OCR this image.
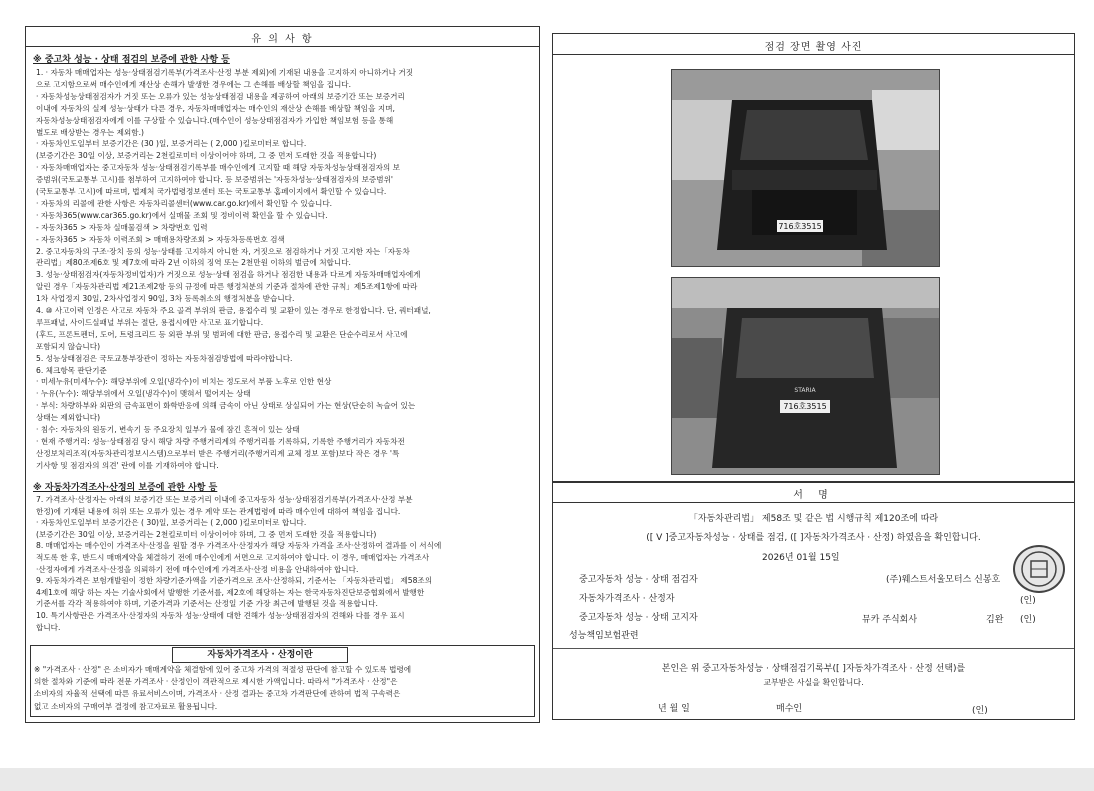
유 의 사 항
※ 중고차 성능 · 상태 점검의 보증에 관한 사항 등
1. · 자동차 매매업자는 성능·상태점검기록부(가격조사·산정 부분 제외)에 기재된 내용을 고지하지 아니하거나 거짓
으로 고지함으로써 매수인에게 재산상 손해가 발생한 경우에는 그 손해를 배상할 책임을 집니다.
· 자동차성능상태점검자가 거짓 또는 오류가 있는 성능상태점검 내용을 제공하여 아래의 보증기간 또는 보증거리
이내에 자동차의 실제 성능·상태가 다른 경우, 자동차매매업자는 매수인의 재산상 손해를 배상할 책임을 지며,
자동차성능상태점검자에게 이를 구상할 수 있습니다.(매수인이 성능상태점검자가 가입한 책임보험 등을 통해
별도로 배상받는 경우는 제외함.)
· 자동차인도일부터 보증기간은 (30 )일, 보증거리는 ( 2,000 )킬로미터로 합니다.
(보증기간은 30일 이상, 보증거리는 2천킬로미터 이상이어야 하며, 그 중 먼저 도래한 것을 적용합니다)
· 자동차매매업자는 중고자동차 성능·상태점검기록부를 매수인에게 고지할 때 해당 자동차성능상태점검자의 보
증범위(국토교통부 고시)를 첨부하여 고지하여야 합니다. 등 보증범위는 '자동차성능·상태점검자의 보증범위'
(국토교통부 고시)에 따르며, 법제처 국가법령정보센터 또는 국토교통부 홈페이지에서 확인할 수 있습니다.
· 자동차의 리콜에 관한 사항은 자동차리콜센터(www.car.go.kr)에서 확인할 수 있습니다.
· 자동차365(www.car365.go.kr)에서 실매물 조회 및 정비이력 확인을 할 수 있습니다.
- 자동차365 > 자동차 실매물검색 > 차량번호 입력
- 자동차365 > 자동차 이력조회 > 매매용차량조회 > 자동차등록번호 검색
2. 중고자동차의 구조·장치 등의 성능·상태를 고지하지 아니한 자, 거짓으로 점검하거나 거짓 고지한 자는「자동차
관리법」제80조제6호 및 제7호에 따라 2년 이하의 징역 또는 2천만원 이하의 벌금에 처합니다.
3. 성능·상태점검자(자동차정비업자)가 거짓으로 성능·상태 점검을 하거나 점검한 내용과 다르게 자동차매매업자에게
알린 경우「자동차관리법 제21조제2항 등의 규정에 따른 행정처분의 기준과 절차에 관한 규칙」제5조제1항에 따라
1차 사업정지 30일, 2차사업정지 90일, 3차 등록취소의 행정처분을 받습니다.
4. ⑩ 사고이력 인정은 사고로 자동차 주요 골격 부위의 판금, 용접수리 및 교환이 있는 경우로 한정합니다. 단, 쿼터패널,
루프패널, 사이드실패널 부위는 절단, 용접시에만 사고로 표기합니다.
(후드, 프론트펜더, 도어, 트렁크리드 등 외판 부위 및 범퍼에 대한 판금, 용접수리 및 교환은 단순수리로서 사고에
포함되지 않습니다)
5. 성능상태점검은 국토교통부장관이 정하는 자동차점검방법에 따라야합니다.
6. 체크항목 판단기준
· 미세누유(미세누수): 해당부위에 오일(냉각수)이 비치는 정도로서 부품 노후로 인한 현상
· 누유(누수): 해당부위에서 오일(냉각수)이 맺혀서 떨어지는 상태
· 부식: 차량하부와 외판의 금속표면이 화학반응에 의해 금속이 아닌 상태로 상실되어 가는 현상(단순히 녹슬어 있는
상태는 제외합니다)
· 침수: 자동차의 원동기, 변속기 등 주요장치 일부가 물에 잠긴 흔적이 있는 상태
· 현재 주행거리: 성능·상태점검 당시 해당 차량 주행거리계의 주행거리를 기록하되, 기록한 주행거리가 자동차전
산정보처리조직(자동차관리정보시스템)으로부터 받은 주행거리(주행거리계 교체 정보 포함)보다 작은 경우 '특
기사항 및 점검자의 의견' 란에 이를 기재하여야 합니다.
※ 자동차가격조사·산정의 보증에 관한 사항 등
7. 가격조사·산정자는 아래의 보증기간 또는 보증거리 이내에 중고자동차 성능·상태점검기록부(가격조사·산정 부분
한정)에 기재된 내용에 허위 또는 오류가 있는 경우 계약 또는 관계법령에 따라 매수인에 대하여 책임을 집니다.
· 자동차인도일부터 보증기간은 ( 30)일, 보증거리는 ( 2,000 )킬로미터로 합니다.
(보증기간은 30일 이상, 보증거리는 2천킬로미터 이상이어야 하며, 그 중 먼저 도래한 것을 적용합니다)
8. 매매업자는 매수인이 가격조사·산정을 원할 경우 가격조사·산정자가 해당 자동차 가격을 조사·산정하여 결과를 이 서식에
적도록 한 후, 반드시 매매계약을 체결하기 전에 매수인에게 서면으로 고지하여야 합니다. 이 경우, 매매업자는 가격조사
·산정자에게 가격조사·산정을 의뢰하기 전에 매수인에게 가격조사·산정 비용을 안내하여야 합니다.
9. 자동차가격은 보험개발원이 정한 차량기준가액을 기준가격으로 조사·산정하되, 기준서는 「자동차관리법」 제58조의
4제1호에 해당 하는 자는 기술사회에서 발행한 기준서를, 제2호에 해당하는 자는 한국자동차진단보증협회에서 발행한
기준서를 각각 적용하여야 하며, 기준가격과 기준서는 산정일 기준 가장 최근에 발행된 것을 적용합니다.
10. 특기사항란은 가격조사·산정자의 자동차 성능·상태에 대한 견해가 성능·상태점검자의 견해와 다를 경우 표시
합니다.
자동차가격조사 · 산정이란
※ "가격조사 · 산정" 은 소비자가 매매계약을 체결함에 있어 중고차 가격의 적절성 판단에 참고할 수 있도록 법령에
의한 절차와 기준에 따라 전문 가격조사 · 산정인이 객관적으로 제시한 가액입니다. 따라서 "가격조사 · 산정"은
소비자의 자율적 선택에 따른 유료서비스이며, 가격조사 · 산정 결과는 중고차 가격판단에 관하여 법적 구속력은
없고 소비자의 구매여부 결정에 참고자료로 활용됩니다.
점검 장면 촬영 사진
716호3515
STARIA
716호3515
서 명
「자동차관리법」 제58조 및 같은 법 시행규칙 제120조에 따라
([ V ]중고자동차성능 · 상태를 점검, ([ ]자동차가격조사 · 산정) 하였음을 확인합니다.
2026년 01월 15일
중고자동차 성능 · 상태 점검자	(주)웨스트서울모터스 신봉호
자동차가격조사 · 산정자	(인)
중고자동차 성능 · 상태 고지자	뮤카 주식회사	김완 (인)
성능책임보험관련
본인은 위 중고자동차성능 · 상태점검기록부([ ]자동차가격조사 · 산정 선택)를
교부받은 사실을 확인합니다.
년 월 일	매수인	(인)
